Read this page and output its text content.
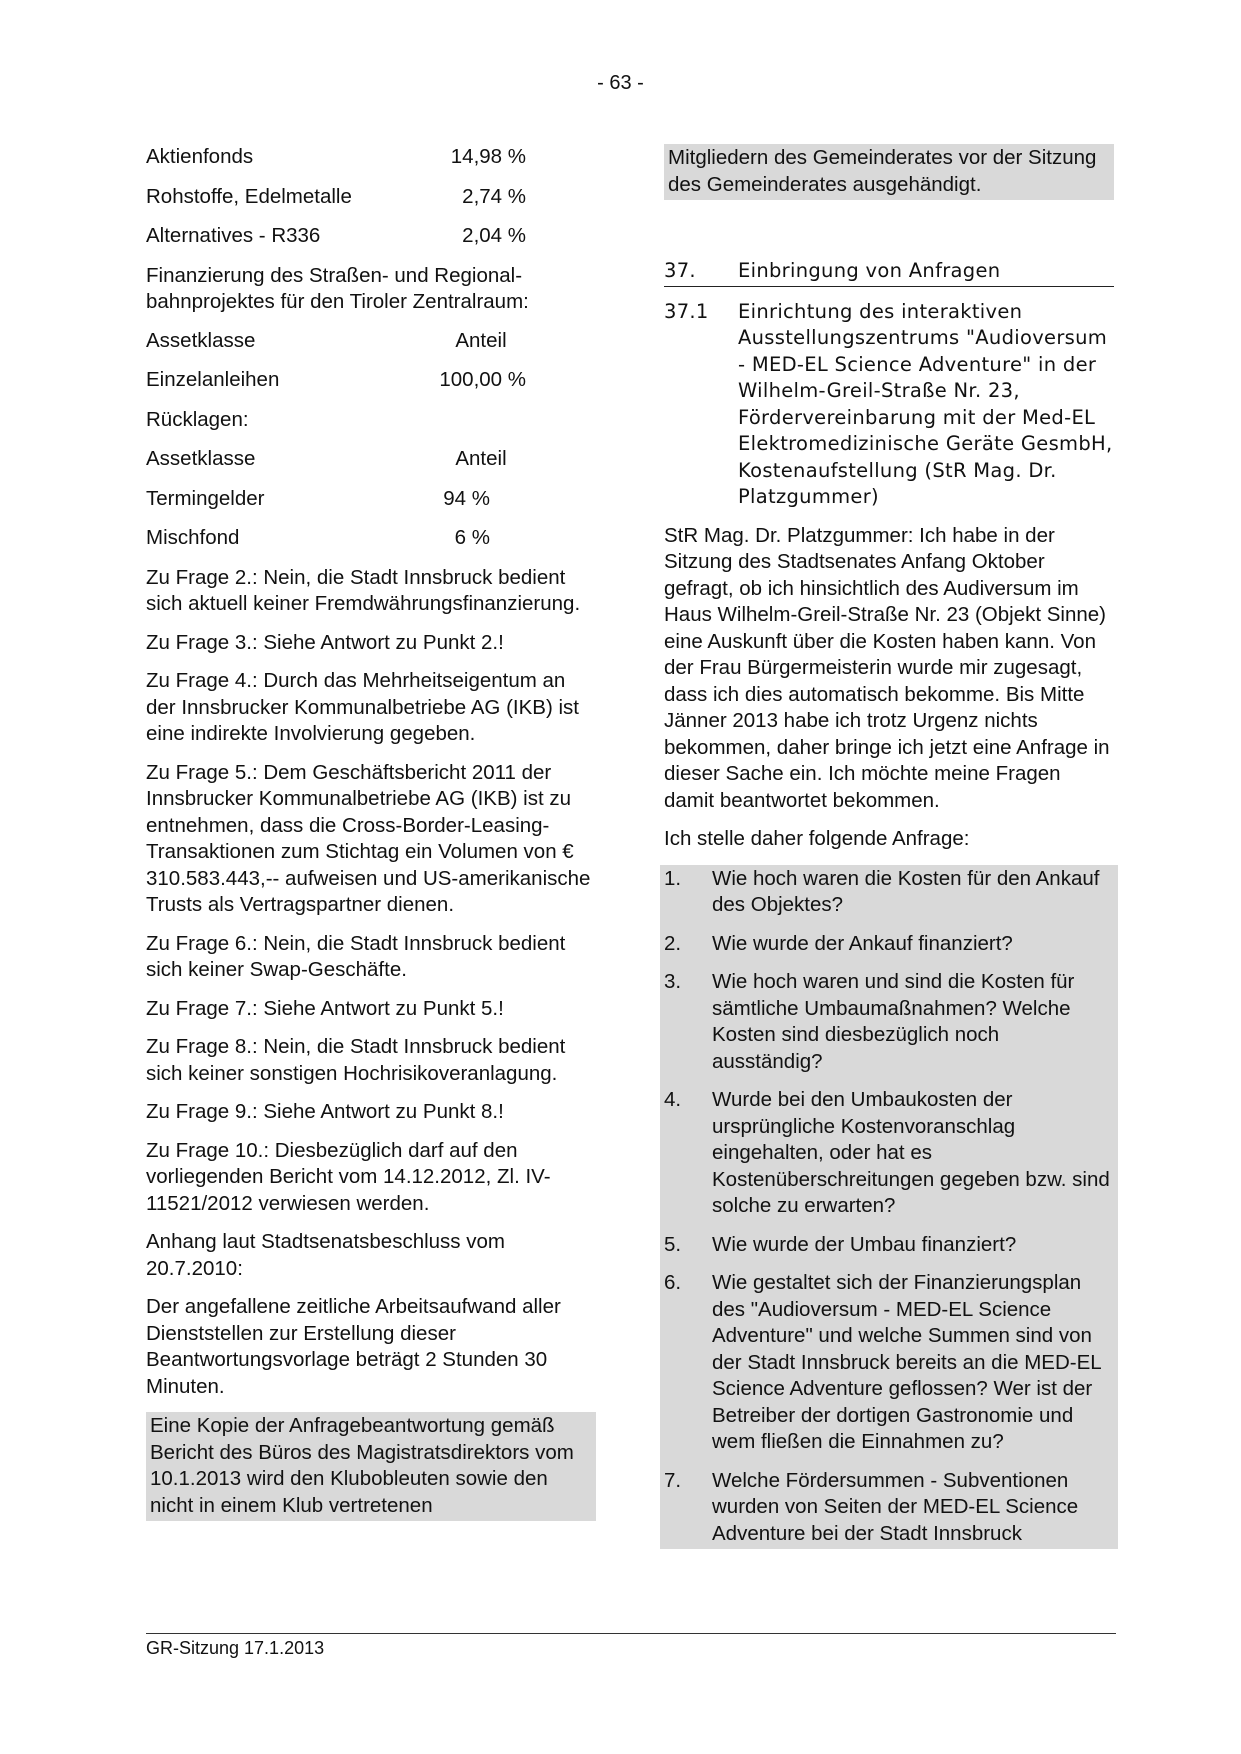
- 63 -
Aktienfonds	14,98 %
Rohstoffe, Edelmetalle	2,74 %
Alternatives - R336	2,04 %

Finanzierung des Straßen- und Regional-
bahnprojektes für den Tiroler Zentralraum:

Assetklasse	Anteil
Einzelanleihen	100,00 %
Rücklagen:
Assetklasse	Anteil
Termingelder	94 %
Mischfond	6 %

Zu Frage 2.: Nein, die Stadt Innsbruck bedient sich aktuell keiner Fremdwährungsfinanzierung.

Zu Frage 3.: Siehe Antwort zu Punkt 2.!

Zu Frage 4.: Durch das Mehrheitseigentum an der Innsbrucker Kommunalbetriebe AG (IKB) ist eine indirekte Involvierung gegeben.

Zu Frage 5.: Dem Geschäftsbericht 2011 der Innsbrucker Kommunalbetriebe AG (IKB) ist zu entnehmen, dass die Cross-Border-Leasing-Transaktionen zum Stichtag ein Volumen von € 310.583.443,-- aufweisen und US-amerikanische Trusts als Vertragspartner dienen.

Zu Frage 6.: Nein, die Stadt Innsbruck bedient sich keiner Swap-Geschäfte.

Zu Frage 7.: Siehe Antwort zu Punkt 5.!

Zu Frage 8.: Nein, die Stadt Innsbruck bedient sich keiner sonstigen Hochrisikoveranlagung.

Zu Frage 9.: Siehe Antwort zu Punkt 8.!

Zu Frage 10.: Diesbezüglich darf auf den vorliegenden Bericht vom 14.12.2012, Zl. IV-11521/2012 verwiesen werden.

Anhang laut Stadtsenatsbeschluss vom 20.7.2010:

Der angefallene zeitliche Arbeitsaufwand aller Dienststellen zur Erstellung dieser Beantwortungsvorlage beträgt 2 Stunden 30 Minuten.

Eine Kopie der Anfragebeantwortung gemäß Bericht des Büros des Magistratsdirektors vom 10.1.2013 wird den Klubobleuten sowie den nicht in einem Klub vertretenen

Mitgliedern des Gemeinderates vor der Sitzung des Gemeinderates ausgehändigt.

37.	Einbringung von Anfragen
37.1	Einrichtung des interaktiven Ausstellungszentrums "Audioversum - MED-EL Science Adventure" in der Wilhelm-Greil-Straße Nr. 23, Fördervereinbarung mit der Med-EL Elektromedizinische Geräte GesmbH, Kostenaufstellung (StR Mag. Dr. Platzgummer)

StR Mag. Dr. Platzgummer: Ich habe in der Sitzung des Stadtsenates Anfang Oktober gefragt, ob ich hinsichtlich des Audiversum im Haus Wilhelm-Greil-Straße Nr. 23 (Objekt Sinne) eine Auskunft über die Kosten haben kann. Von der Frau Bürgermeisterin wurde mir zugesagt, dass ich dies automatisch bekomme. Bis Mitte Jänner 2013 habe ich trotz Urgenz nichts bekommen, daher bringe ich jetzt eine Anfrage in dieser Sache ein. Ich möchte meine Fragen damit beantwortet bekommen.

Ich stelle daher folgende Anfrage:

1.	Wie hoch waren die Kosten für den Ankauf des Objektes?
2.	Wie wurde der Ankauf finanziert?
3.	Wie hoch waren und sind die Kosten für sämtliche Umbaumaßnahmen? Welche Kosten sind diesbezüglich noch ausständig?
4.	Wurde bei den Umbaukosten der ursprüngliche Kostenvoranschlag eingehalten, oder hat es Kostenüberschreitungen gegeben bzw. sind solche zu erwarten?
5.	Wie wurde der Umbau finanziert?
6.	Wie gestaltet sich der Finanzierungsplan des "Audioversum - MED-EL Science Adventure" und welche Summen sind von der Stadt Innsbruck bereits an die MED-EL Science Adventure geflossen? Wer ist der Betreiber der dortigen Gastronomie und wem fließen die Einnahmen zu?
7.	Welche Fördersummen - Subventionen wurden von Seiten der MED-EL Science Adventure bei der Stadt Innsbruck
GR-Sitzung 17.1.2013
